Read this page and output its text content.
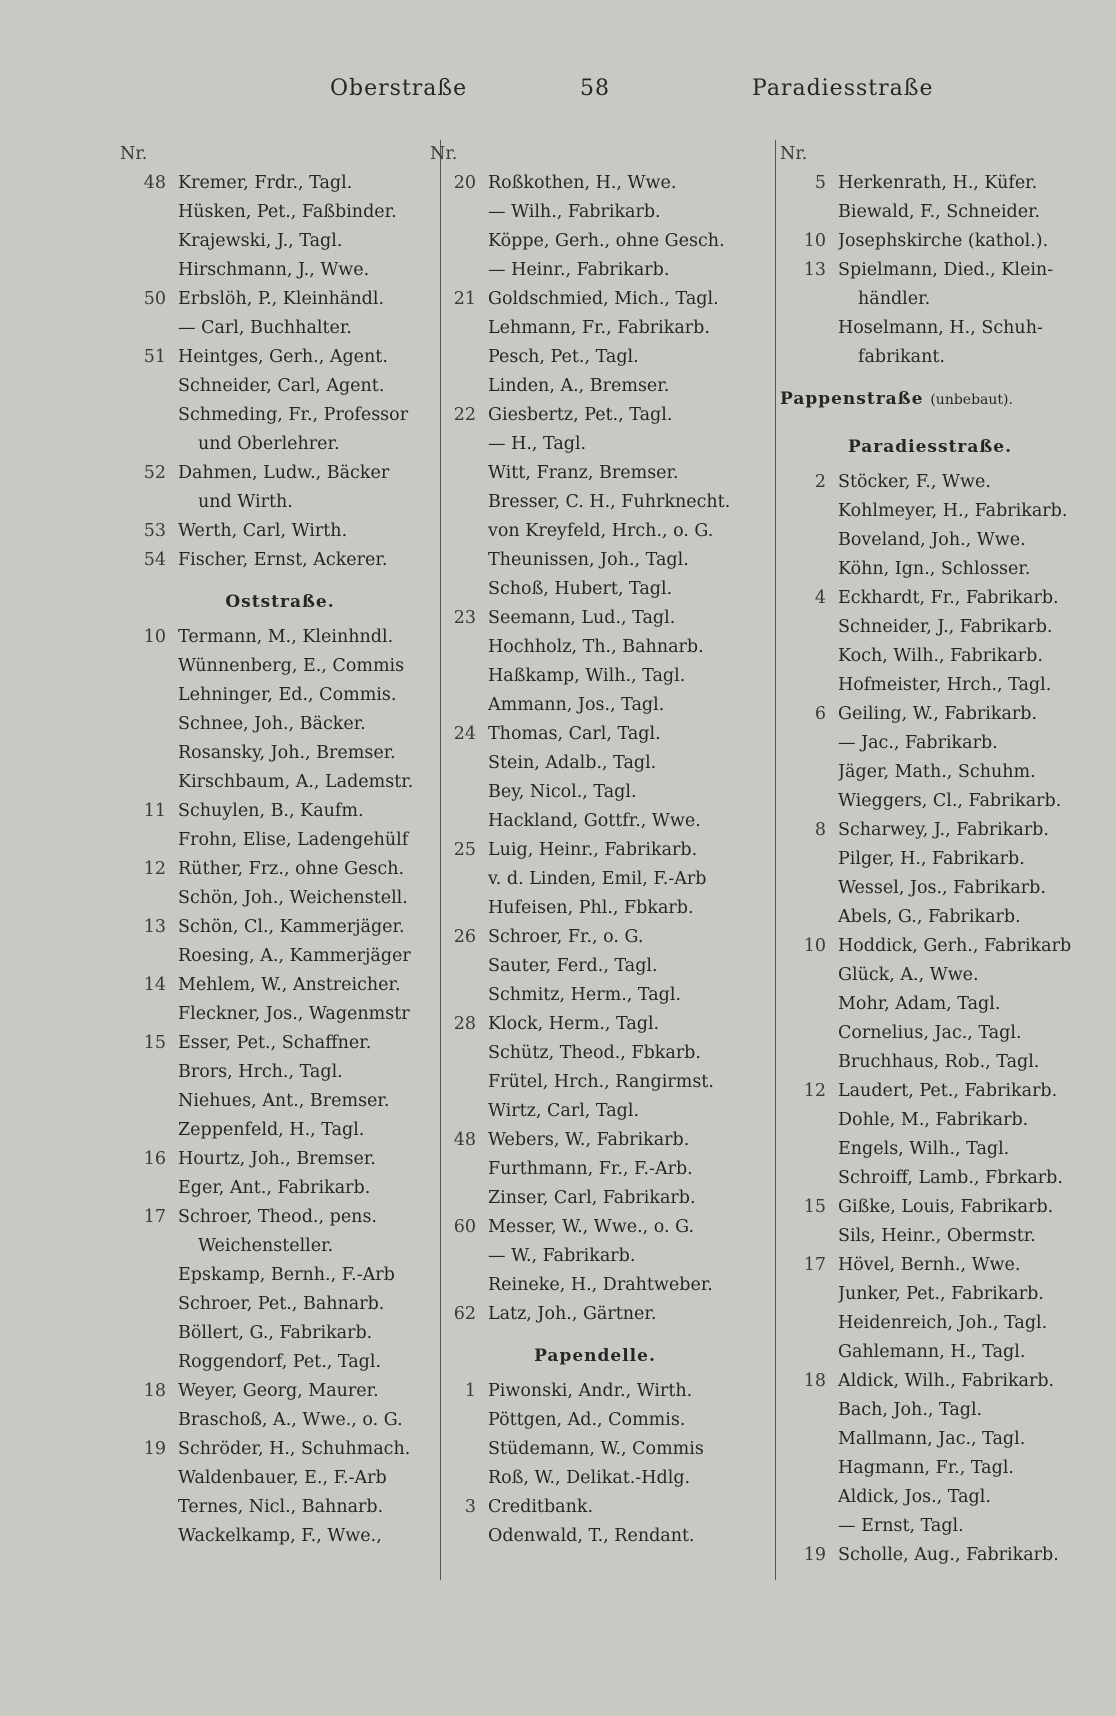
Oberstraße	58	Paradiesstraße
Nr.
48 Kremer, Frdr., Tagl.
Hüsken, Pet., Faßbinder.
Krajewski, J., Tagl.
Hirschmann, J., Wwe.
50 Erbslöh, P., Kleinhändl.
— Carl, Buchhalter.
51 Heintges, Gerh., Agent.
Schneider, Carl, Agent.
Schmeding, Fr., Professor
und Oberlehrer.
52 Dahmen, Ludw., Bäcker
und Wirth.
53 Werth, Carl, Wirth.
54 Fischer, Ernst, Ackerer.
Oststraße.
10 Termann, M., Kleinhndl.
Wünnenberg, E., Commis
Lehninger, Ed., Commis.
Schnee, Joh., Bäcker.
Rosansky, Joh., Bremser.
Kirschbaum, A., Lademstr.
11 Schuylen, B., Kaufm.
Frohn, Elise, Ladengehülf
12 Rüther, Frz., ohne Gesch.
Schön, Joh., Weichenstell.
13 Schön, Cl., Kammerjäger.
Roesing, A., Kammerjäger
14 Mehlem, W., Anstreicher.
Fleckner, Jos., Wagenmstr
15 Esser, Pet., Schaffner.
Brors, Hrch., Tagl.
Niehues, Ant., Bremser.
Zeppenfeld, H., Tagl.
16 Hourtz, Joh., Bremser.
Eger, Ant., Fabrikarb.
17 Schroer, Theod., pens.
Weichensteller.
Epskamp, Bernh., F.-Arb
Schroer, Pet., Bahnarb.
Böllert, G., Fabrikarb.
Roggendorf, Pet., Tagl.
18 Weyer, Georg, Maurer.
Braschoß, A., Wwe., o. G.
19 Schröder, H., Schuhmach.
Waldenbauer, E., F.-Arb
Ternes, Nicl., Bahnarb.
Wackelkamp, F., Wwe.,
Nr.
20 Roßkothen, H., Wwe.
— Wilh., Fabrikarb.
Köppe, Gerh., ohne Gesch.
— Heinr., Fabrikarb.
21 Goldschmied, Mich., Tagl.
Lehmann, Fr., Fabrikarb.
Pesch, Pet., Tagl.
Linden, A., Bremser.
22 Giesbertz, Pet., Tagl.
— H., Tagl.
Witt, Franz, Bremser.
Bresser, C. H., Fuhrknecht.
von Kreyfeld, Hrch., o. G.
Theunissen, Joh., Tagl.
Schoß, Hubert, Tagl.
23 Seemann, Lud., Tagl.
Hochholz, Th., Bahnarb.
Haßkamp, Wilh., Tagl.
Ammann, Jos., Tagl.
24 Thomas, Carl, Tagl.
Stein, Adalb., Tagl.
Bey, Nicol., Tagl.
Hackland, Gottfr., Wwe.
25 Luig, Heinr., Fabrikarb.
v. d. Linden, Emil, F.-Arb
Hufeisen, Phl., Fbkarb.
26 Schroer, Fr., o. G.
Sauter, Ferd., Tagl.
Schmitz, Herm., Tagl.
28 Klock, Herm., Tagl.
Schütz, Theod., Fbkarb.
Frütel, Hrch., Rangirmst.
Wirtz, Carl, Tagl.
48 Webers, W., Fabrikarb.
Furthmann, Fr., F.-Arb.
Zinser, Carl, Fabrikarb.
60 Messer, W., Wwe., o. G.
— W., Fabrikarb.
Reineke, H., Drahtweber.
62 Latz, Joh., Gärtner.
Papendelle.
1 Piwonski, Andr., Wirth.
Pöttgen, Ad., Commis.
Stüdemann, W., Commis
Roß, W., Delikat.-Hdlg.
3 Creditbank.
Odenwald, T., Rendant.
Nr.
5 Herkenrath, H., Küfer.
Biewald, F., Schneider.
10 Josephskirche (kathol.).
13 Spielmann, Died., Klein-
händler.
Hoselmann, H., Schuh-
fabrikant.
Pappenstraße (unbebaut).
Paradiesstraße.
2 Stöcker, F., Wwe.
Kohlmeyer, H., Fabrikarb.
Boveland, Joh., Wwe.
Köhn, Ign., Schlosser.
4 Eckhardt, Fr., Fabrikarb.
Schneider, J., Fabrikarb.
Koch, Wilh., Fabrikarb.
Hofmeister, Hrch., Tagl.
6 Geiling, W., Fabrikarb.
— Jac., Fabrikarb.
Jäger, Math., Schuhm.
Wieggers, Cl., Fabrikarb.
8 Scharwey, J., Fabrikarb.
Pilger, H., Fabrikarb.
Wessel, Jos., Fabrikarb.
Abels, G., Fabrikarb.
10 Hoddick, Gerh., Fabrikarb
Glück, A., Wwe.
Mohr, Adam, Tagl.
Cornelius, Jac., Tagl.
Bruchhaus, Rob., Tagl.
12 Laudert, Pet., Fabrikarb.
Dohle, M., Fabrikarb.
Engels, Wilh., Tagl.
Schroiff, Lamb., Fbrkarb.
15 Gißke, Louis, Fabrikarb.
Sils, Heinr., Obermstr.
17 Hövel, Bernh., Wwe.
Junker, Pet., Fabrikarb.
Heidenreich, Joh., Tagl.
Gahlemann, H., Tagl.
18 Aldick, Wilh., Fabrikarb.
Bach, Joh., Tagl.
Mallmann, Jac., Tagl.
Hagmann, Fr., Tagl.
Aldick, Jos., Tagl.
— Ernst, Tagl.
19 Scholle, Aug., Fabrikarb.
